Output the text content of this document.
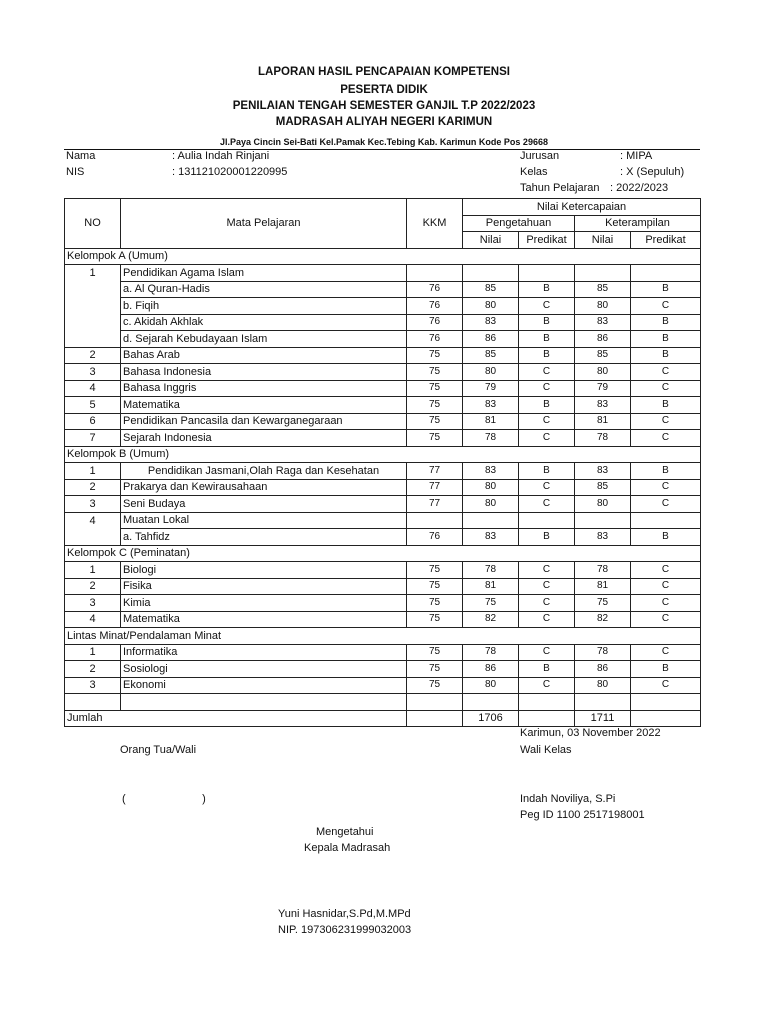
LAPORAN HASIL PENCAPAIAN KOMPETENSI
PESERTA DIDIK
PENILAIAN TENGAH SEMESTER GANJIL T.P 2022/2023
MADRASAH ALIYAH NEGERI KARIMUN
Jl.Paya Cincin Sei-Bati Kel.Pamak Kec.Tebing Kab. Karimun Kode Pos 29668
Nama	: Aulia Indah Rinjani
NIS	: 131121020001220995
Jurusan	: MIPA
Kelas	: X (Sepuluh)
Tahun Pelajaran : 2022/2023
NO	Mata Pelajaran	KKM	Nilai Ketercapaian			
			Pengetahuan		Keterampilan	
			Nilai	Predikat	Nilai	Predikat
Kelompok A (Umum)						
1	Pendidikan Agama Islam					
	a. Al Quran-Hadis	76	85	B	85	B
	b. Fiqih	76	80	C	80	C
	c. Akidah Akhlak	76	83	B	83	B
	d. Sejarah Kebudayaan Islam	76	86	B	86	B
2	Bahas Arab	75	85	B	85	B
3	Bahasa Indonesia	75	80	C	80	C
4	Bahasa Inggris	75	79	C	79	C
5	Matematika	75	83	B	83	B
6	Pendidikan Pancasila dan Kewarganegaraan	75	81	C	81	C
7	Sejarah Indonesia	75	78	C	78	C
Kelompok B (Umum)						
1	Pendidikan Jasmani,Olah Raga dan Kesehatan	77	83	B	83	B
2	Prakarya dan Kewirausahaan	77	80	C	85	C
3	Seni Budaya	77	80	C	80	C
4	Muatan Lokal					
	a. Tahfidz	76	83	B	83	B
Kelompok C (Peminatan)						
1	Biologi	75	78	C	78	C
2	Fisika	75	81	C	81	C
3	Kimia	75	75	C	75	C
4	Matematika	75	82	C	82	C
Lintas Minat/Pendalaman Minat						
1	Informatika	75	78	C	78	C
2	Sosiologi	75	86	B	86	B
3	Ekonomi	75	80	C	80	C

Jumlah			1706		1711	
Karimun, 03 November 2022
Orang Tua/Wali	Wali Kelas
(                         )	Indah Noviliya, S.Pi
Peg ID 1100 2517198001
Mengetahui
Kepala Madrasah
Yuni Hasnidar,S.Pd,M.MPd
NIP. 197306231999032003
